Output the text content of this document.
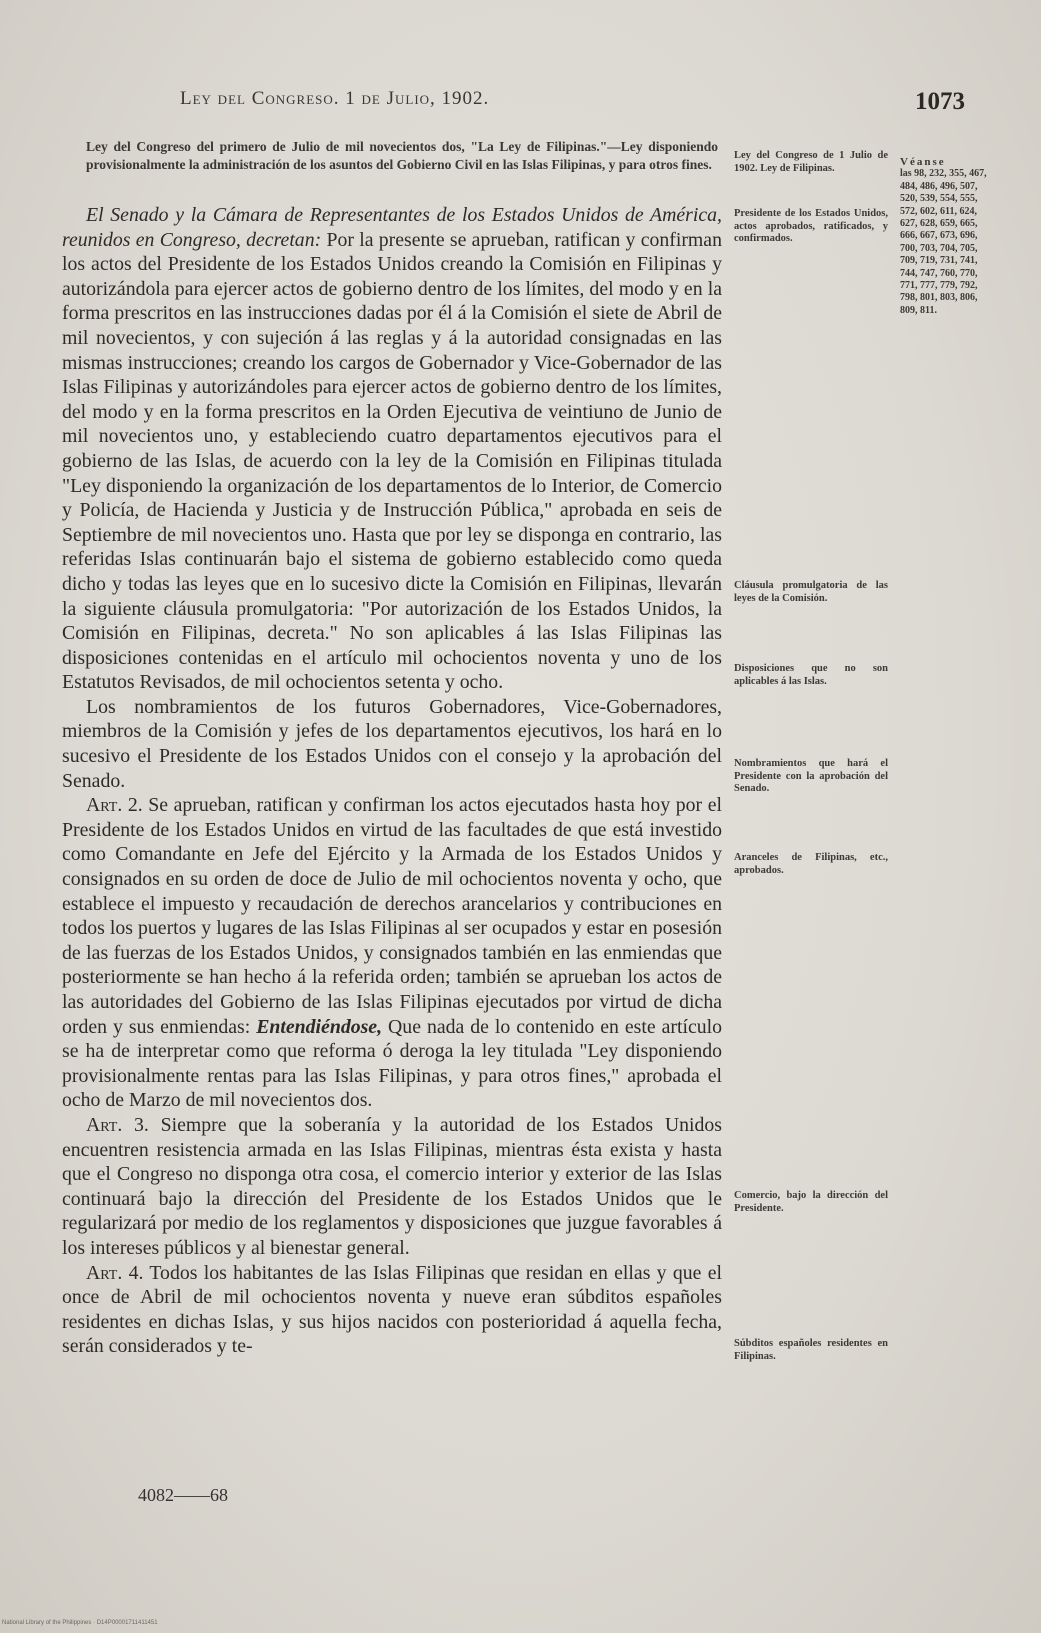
Ley del Congreso. 1 de Julio, 1902.	1073
Ley del Congreso del primero de Julio de mil novecientos dos, "La Ley de Filipinas."—Ley disponiendo provisionalmente la administración de los asuntos del Gobierno Civil en las Islas Filipinas, y para otros fines.

El Senado y la Cámara de Representantes de los Estados Unidos de América, reunidos en Congreso, decretan: Por la presente se aprueban, ratifican y confirman los actos del Presidente de los Estados Unidos creando la Comisión en Filipinas y autorizándola para ejercer actos de gobierno dentro de los límites, del modo y en la forma prescritos en las instrucciones dadas por él á la Comisión el siete de Abril de mil novecientos, y con sujeción á las reglas y á la autoridad consignadas en las mismas instrucciones; creando los cargos de Gobernador y Vice-Gobernador de las Islas Filipinas y autorizándoles para ejercer actos de gobierno dentro de los límites, del modo y en la forma prescritos en la Orden Ejecutiva de veintiuno de Junio de mil novecientos uno, y estableciendo cuatro departamentos ejecutivos para el gobierno de las Islas, de acuerdo con la ley de la Comisión en Filipinas titulada "Ley disponiendo la organización de los departamentos de lo Interior, de Comercio y Policía, de Hacienda y Justicia y de Instrucción Pública," aprobada en seis de Septiembre de mil novecientos uno. Hasta que por ley se disponga en contrario, las referidas Islas continuarán bajo el sistema de gobierno establecido como queda dicho y todas las leyes que en lo sucesivo dicte la Comisión en Filipinas, llevarán la siguiente cláusula promulgatoria: "Por autorización de los Estados Unidos, la Comisión en Filipinas, decreta." No son aplicables á las Islas Filipinas las disposiciones contenidas en el artículo mil ochocientos noventa y uno de los Estatutos Revisados, de mil ochocientos setenta y ocho.

Los nombramientos de los futuros Gobernadores, Vice-Gobernadores, miembros de la Comisión y jefes de los departamentos ejecutivos, los hará en lo sucesivo el Presidente de los Estados Unidos con el consejo y la aprobación del Senado.

Art. 2. Se aprueban, ratifican y confirman los actos ejecutados hasta hoy por el Presidente de los Estados Unidos en virtud de las facultades de que está investido como Comandante en Jefe del Ejército y la Armada de los Estados Unidos y consignados en su orden de doce de Julio de mil ochocientos noventa y ocho, que establece el impuesto y recaudación de derechos arancelarios y contribuciones en todos los puertos y lugares de las Islas Filipinas al ser ocupados y estar en posesión de las fuerzas de los Estados Unidos, y consignados también en las enmiendas que posteriormente se han hecho á la referida orden; también se aprueban los actos de las autoridades del Gobierno de las Islas Filipinas ejecutados por virtud de dicha orden y sus enmiendas: Entendiéndose, Que nada de lo contenido en este artículo se ha de interpretar como que reforma ó deroga la ley titulada "Ley disponiendo provisionalmente rentas para las Islas Filipinas, y para otros fines," aprobada el ocho de Marzo de mil novecientos dos.

Art. 3. Siempre que la soberanía y la autoridad de los Estados Unidos encuentren resistencia armada en las Islas Filipinas, mientras ésta exista y hasta que el Congreso no disponga otra cosa, el comercio interior y exterior de las Islas continuará bajo la dirección del Presidente de los Estados Unidos que le regularizará por medio de los reglamentos y disposiciones que juzgue favorables á los intereses públicos y al bienestar general.

Art. 4. Todos los habitantes de las Islas Filipinas que residan en ellas y que el once de Abril de mil ochocientos noventa y nueve eran súbditos españoles residentes en dichas Islas, y sus hijos nacidos con posterioridad á aquella fecha, serán considerados y te-

Ley del Congreso de 1 Julio de 1902. Ley de Filipinas.
Presidente de los Estados Unidos, actos aprobados, ratificados, y confirmados.
Cláusula promulgatoria de las leyes de la Comisión.
Disposiciones que no son aplicables á las Islas.
Nombramientos que hará el Presidente con la aprobación del Senado.
Aranceles de Filipinas, etc., aprobados.
Comercio, bajo la dirección del Presidente.
Súbditos españoles residentes en Filipinas.
Véanse
las 98, 232, 355, 467, 484, 486, 496, 507, 520, 539, 554, 555, 572, 602, 611, 624, 627, 628, 659, 665, 666, 667, 673, 696, 700, 703, 704, 705, 709, 719, 731, 741, 744, 747, 760, 770, 771, 777, 779, 792, 798, 801, 803, 806, 809, 811.
4082——68
National Library of the Philippines · D14P00001711411451
